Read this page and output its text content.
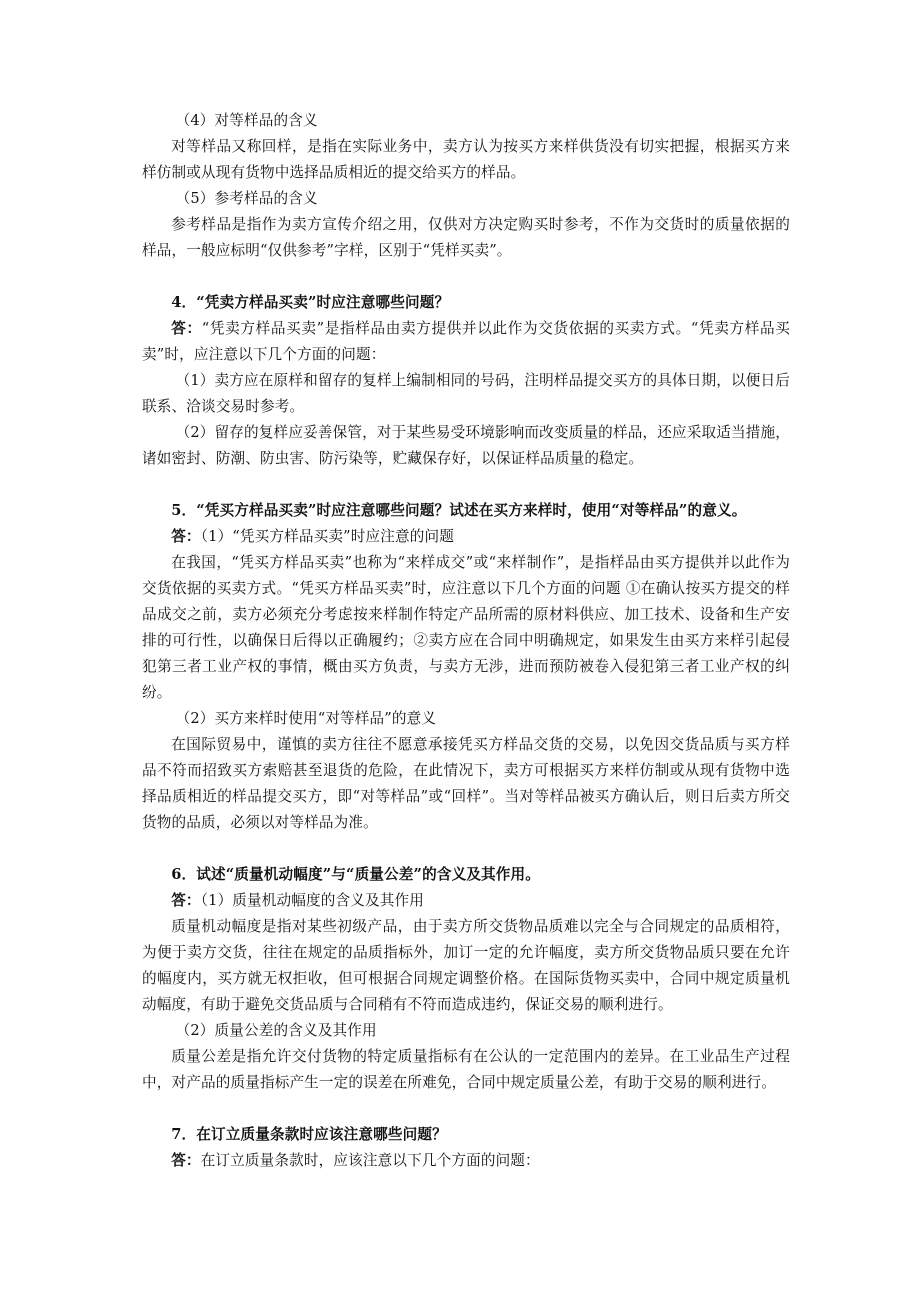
（4）对等样品的含义

对等样品又称回样，是指在实际业务中，卖方认为按买方来样供货没有切实把握，根据买方来样仿制或从现有货物中选择品质相近的提交给买方的样品。

（5）参考样品的含义

参考样品是指作为卖方宣传介绍之用，仅供对方决定购买时参考，不作为交货时的质量依据的样品，一般应标明“仅供参考”字样，区别于“凭样买卖”。

4．“凭卖方样品买卖”时应注意哪些问题？

答：“凭卖方样品买卖”是指样品由卖方提供并以此作为交货依据的买卖方式。“凭卖方样品买卖”时，应注意以下几个方面的问题：

（1）卖方应在原样和留存的复样上编制相同的号码，注明样品提交买方的具体日期，以便日后联系、洽谈交易时参考。

（2）留存的复样应妥善保管，对于某些易受环境影响而改变质量的样品，还应采取适当措施，诸如密封、防潮、防虫害、防污染等，贮藏保存好，以保证样品质量的稳定。

5．“凭买方样品买卖”时应注意哪些问题？试述在买方来样时，使用“对等样品”的意义。

答：（1）“凭买方样品买卖”时应注意的问题

在我国，“凭买方样品买卖”也称为“来样成交”或“来样制作”，是指样品由买方提供并以此作为交货依据的买卖方式。“凭买方样品买卖”时，应注意以下几个方面的问题 ①在确认按买方提交的样品成交之前，卖方必须充分考虑按来样制作特定产品所需的原材料供应、加工技术、设备和生产安排的可行性，以确保日后得以正确履约；②卖方应在合同中明确规定，如果发生由买方来样引起侵犯第三者工业产权的事情，概由买方负责，与卖方无涉，进而预防被卷入侵犯第三者工业产权的纠纷。

（2）买方来样时使用“对等样品”的意义

在国际贸易中，谨慎的卖方往往不愿意承接凭买方样品交货的交易，以免因交货品质与买方样品不符而招致买方索赔甚至退货的危险，在此情况下，卖方可根据买方来样仿制或从现有货物中选择品质相近的样品提交买方，即“对等样品”或“回样”。当对等样品被买方确认后，则日后卖方所交货物的品质，必须以对等样品为准。

6．试述“质量机动幅度”与“质量公差”的含义及其作用。

答：（1）质量机动幅度的含义及其作用

质量机动幅度是指对某些初级产品，由于卖方所交货物品质难以完全与合同规定的品质相符，为便于卖方交货，往往在规定的品质指标外，加订一定的允许幅度，卖方所交货物品质只要在允许的幅度内，买方就无权拒收，但可根据合同规定调整价格。在国际货物买卖中，合同中规定质量机动幅度，有助于避免交货品质与合同稍有不符而造成违约，保证交易的顺利进行。

（2）质量公差的含义及其作用

质量公差是指允许交付货物的特定质量指标有在公认的一定范围内的差异。在工业品生产过程中，对产品的质量指标产生一定的误差在所难免，合同中规定质量公差，有助于交易的顺利进行。

7．在订立质量条款时应该注意哪些问题？

答：在订立质量条款时，应该注意以下几个方面的问题：
